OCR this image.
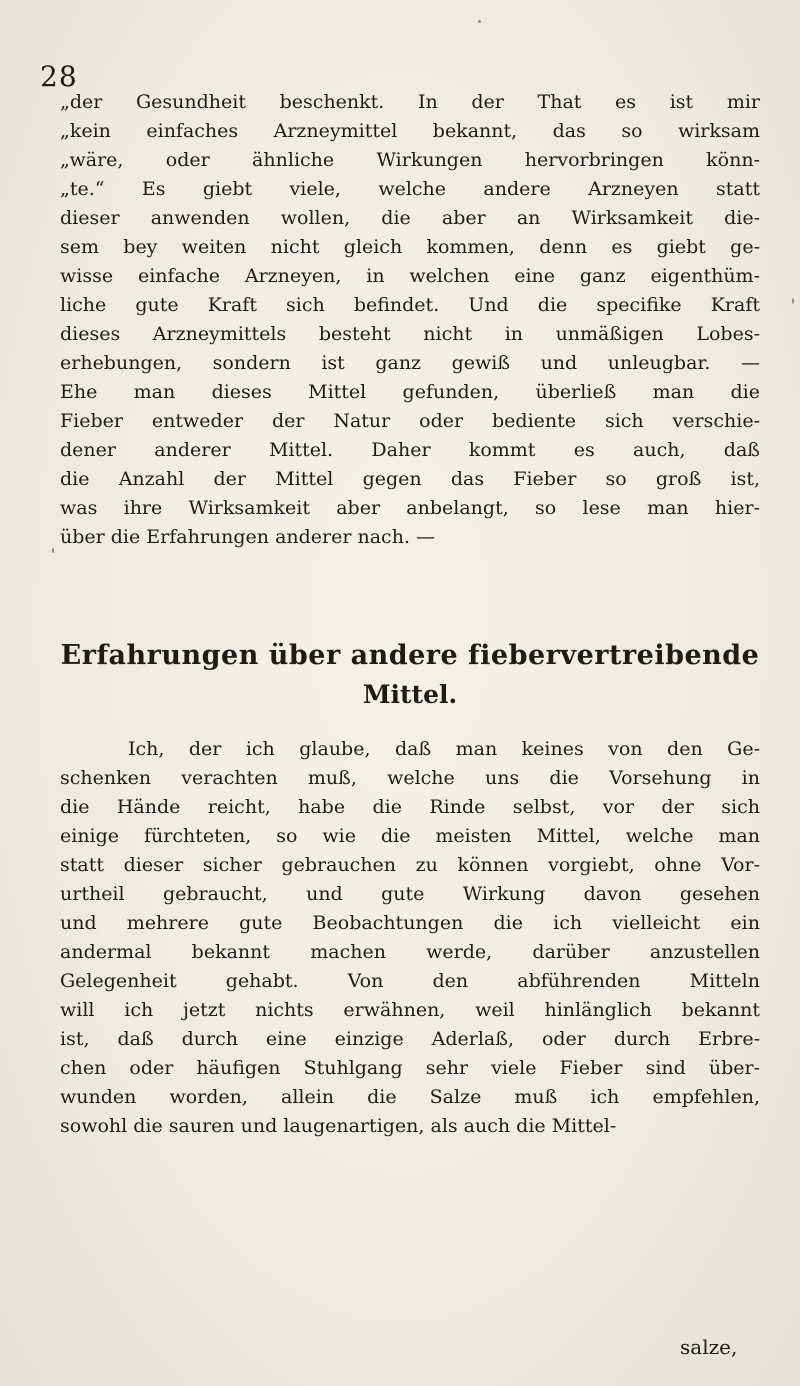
28
„der Gesundheit beschenkt. In der That es ist mir
„kein einfaches Arzneymittel bekannt, das so wirksam
„wäre, oder ähnliche Wirkungen hervorbringen könn-
„te.“ Es giebt viele, welche andere Arzneyen statt
dieser anwenden wollen, die aber an Wirksamkeit die-
sem bey weiten nicht gleich kommen, denn es giebt ge-
wisse einfache Arzneyen, in welchen eine ganz eigenthüm-
liche gute Kraft sich befindet. Und die specifike Kraft
dieses Arzneymittels besteht nicht in unmäßigen Lobes-
erhebungen, sondern ist ganz gewiß und unleugbar. —
Ehe man dieses Mittel gefunden, überließ man die
Fieber entweder der Natur oder bediente sich verschie-
dener anderer Mittel. Daher kommt es auch, daß
die Anzahl der Mittel gegen das Fieber so groß ist,
was ihre Wirksamkeit aber anbelangt, so lese man hier-
über die Erfahrungen anderer nach. —
Erfahrungen über andere fiebervertreibende
Mittel.
Ich, der ich glaube, daß man keines von den Ge-
schenken verachten muß, welche uns die Vorsehung in
die Hände reicht, habe die Rinde selbst, vor der sich
einige fürchteten, so wie die meisten Mittel, welche man
statt dieser sicher gebrauchen zu können vorgiebt, ohne Vor-
urtheil gebraucht, und gute Wirkung davon gesehen
und mehrere gute Beobachtungen die ich vielleicht ein
andermal bekannt machen werde, darüber anzustellen
Gelegenheit gehabt. Von den abführenden Mitteln
will ich jetzt nichts erwähnen, weil hinlänglich bekannt
ist, daß durch eine einzige Aderlaß, oder durch Erbre-
chen oder häufigen Stuhlgang sehr viele Fieber sind über-
wunden worden, allein die Salze muß ich empfehlen,
sowohl die sauren und laugenartigen, als auch die Mittel-
salze,
